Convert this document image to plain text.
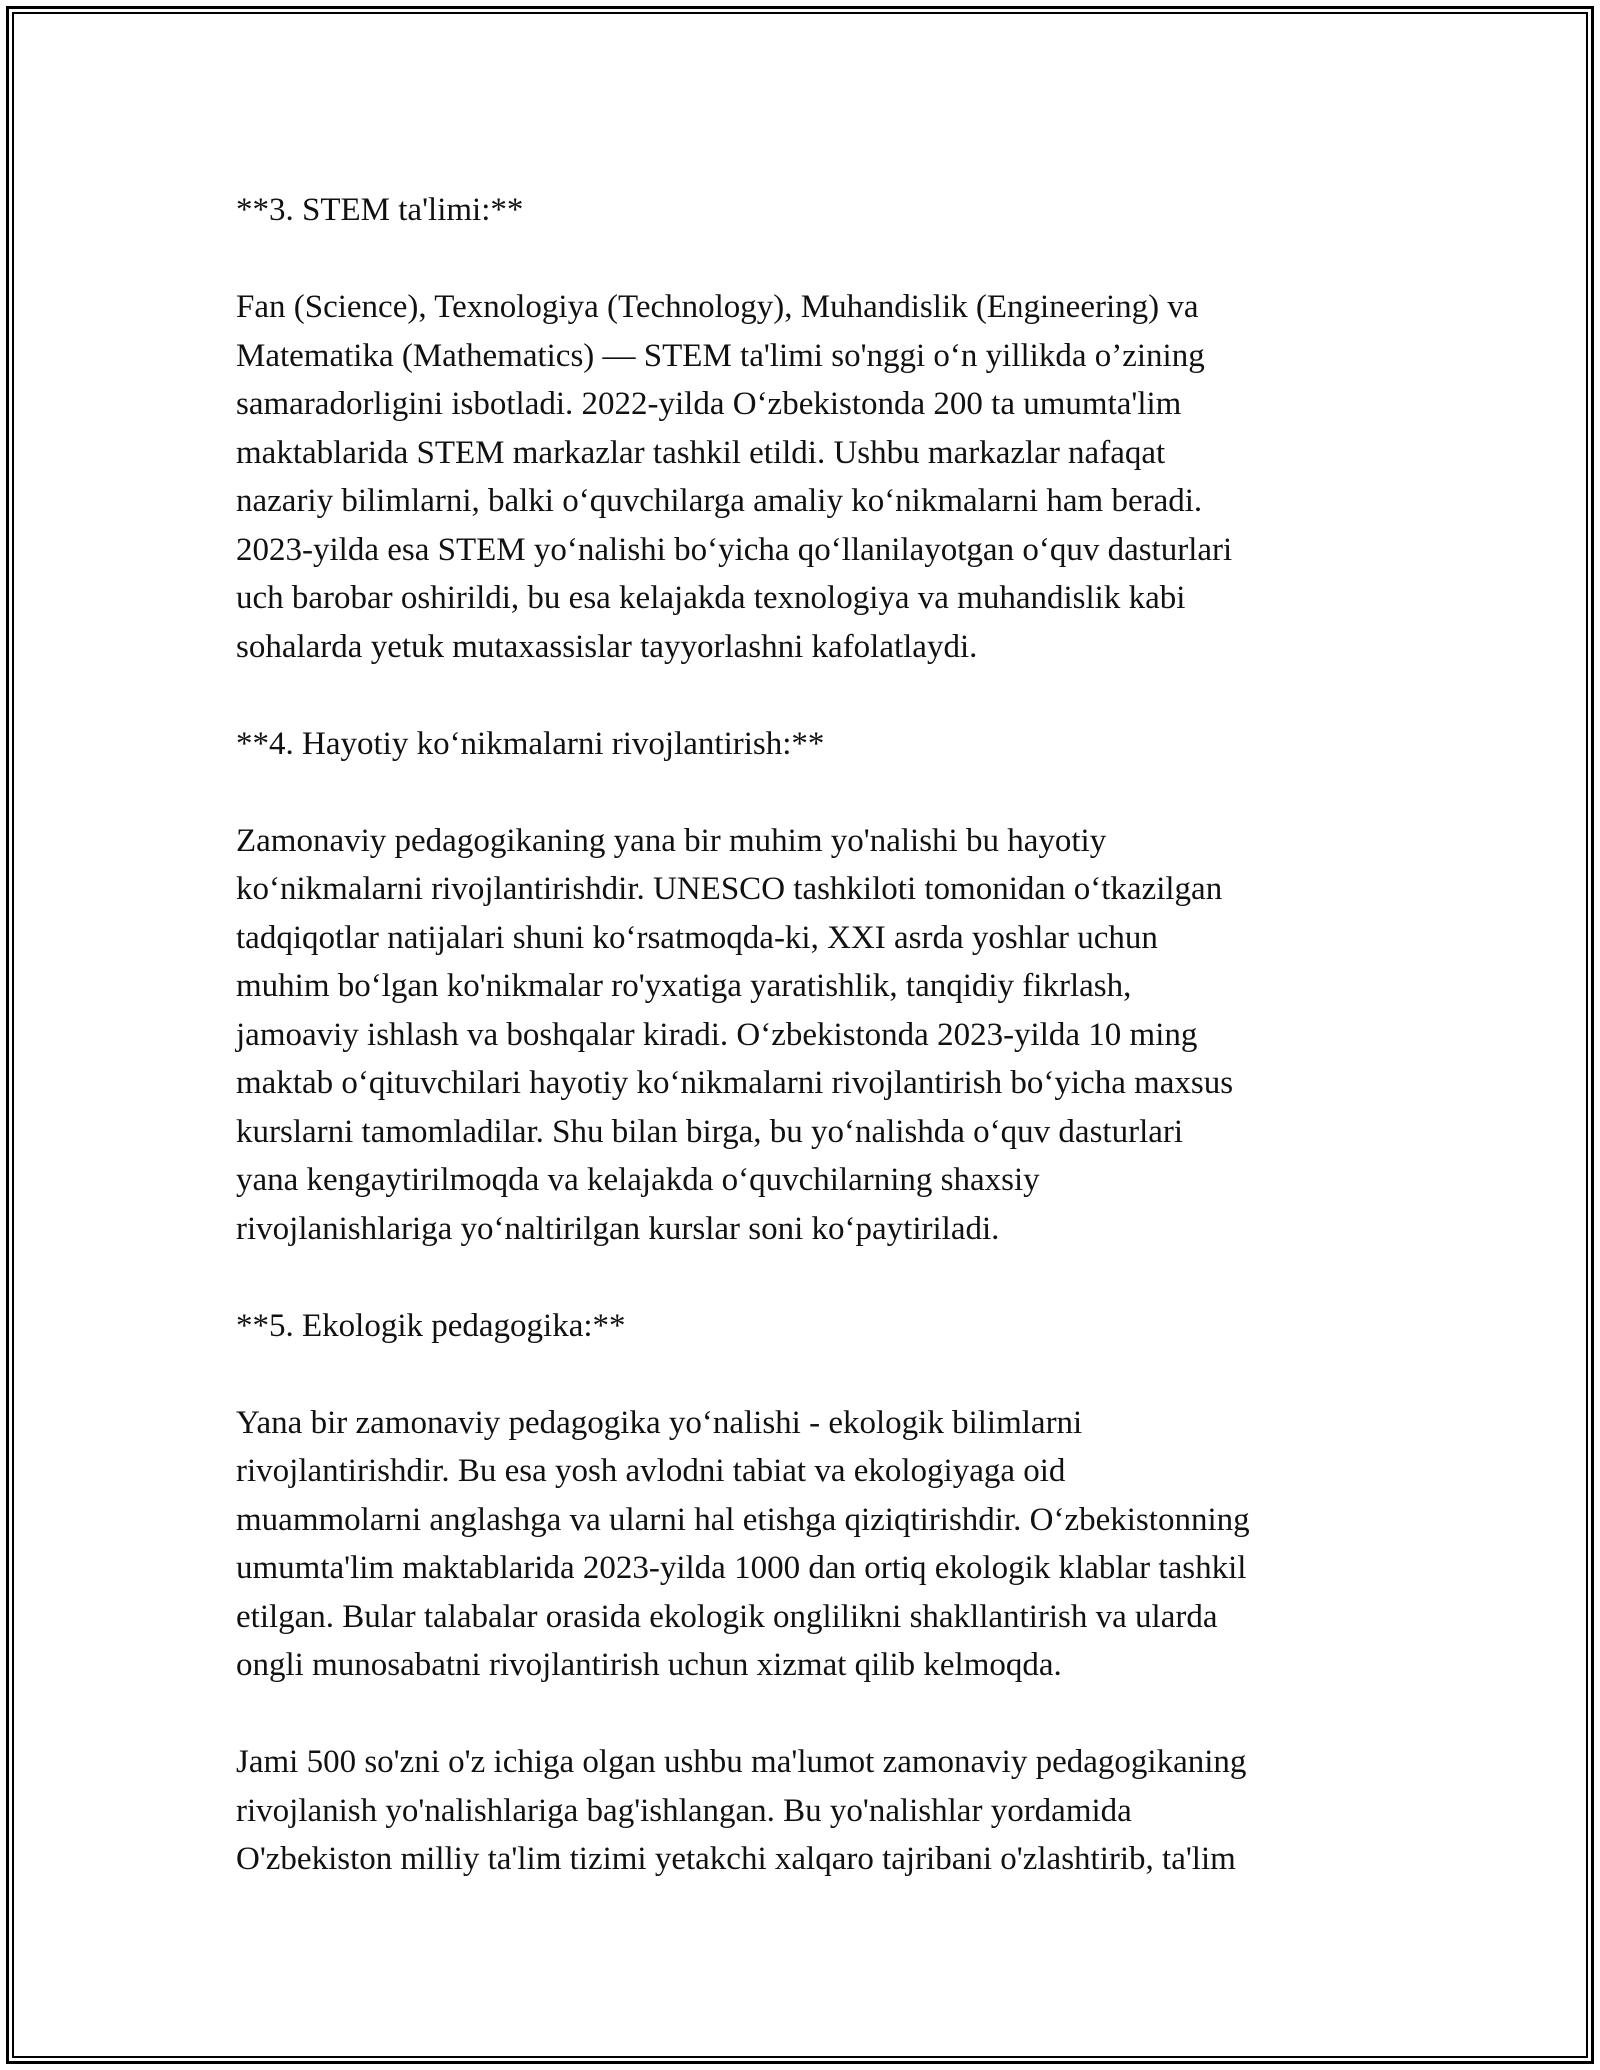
**3. STEM ta'limi:**

Fan (Science), Texnologiya (Technology), Muhandislik (Engineering) va
Matematika (Mathematics) — STEM ta'limi so'nggi oʻn yillikda o’zining
samaradorligini isbotladi. 2022-yilda Oʻzbekistonda 200 ta umumta'lim
maktablarida STEM markazlar tashkil etildi. Ushbu markazlar nafaqat
nazariy bilimlarni, balki oʻquvchilarga amaliy koʻnikmalarni ham beradi.
2023-yilda esa STEM yoʻnalishi boʻyicha qoʻllanilayotgan oʻquv dasturlari
uch barobar oshirildi, bu esa kelajakda texnologiya va muhandislik kabi
sohalarda yetuk mutaxassislar tayyorlashni kafolatlaydi.

**4. Hayotiy koʻnikmalarni rivojlantirish:**

Zamonaviy pedagogikaning yana bir muhim yo'nalishi bu hayotiy
koʻnikmalarni rivojlantirishdir. UNESCO tashkiloti tomonidan oʻtkazilgan
tadqiqotlar natijalari shuni koʻrsatmoqda-ki, XXI asrda yoshlar uchun
muhim boʻlgan ko'nikmalar ro'yxatiga yaratishlik, tanqidiy fikrlash,
jamoaviy ishlash va boshqalar kiradi. Oʻzbekistonda 2023-yilda 10 ming
maktab oʻqituvchilari hayotiy koʻnikmalarni rivojlantirish boʻyicha maxsus
kurslarni tamomladilar. Shu bilan birga, bu yoʻnalishda oʻquv dasturlari
yana kengaytirilmoqda va kelajakda oʻquvchilarning shaxsiy
rivojlanishlariga yoʻnaltirilgan kurslar soni koʻpaytiriladi.

**5. Ekologik pedagogika:**

Yana bir zamonaviy pedagogika yoʻnalishi - ekologik bilimlarni
rivojlantirishdir. Bu esa yosh avlodni tabiat va ekologiyaga oid
muammolarni anglashga va ularni hal etishga qiziqtirishdir. Oʻzbekistonning
umumta'lim maktablarida 2023-yilda 1000 dan ortiq ekologik klablar tashkil
etilgan. Bular talabalar orasida ekologik onglilikni shakllantirish va ularda
ongli munosabatni rivojlantirish uchun xizmat qilib kelmoqda.

Jami 500 so'zni o'z ichiga olgan ushbu ma'lumot zamonaviy pedagogikaning
rivojlanish yo'nalishlariga bag'ishlangan. Bu yo'nalishlar yordamida
O'zbekiston milliy ta'lim tizimi yetakchi xalqaro tajribani o'zlashtirib, ta'lim
